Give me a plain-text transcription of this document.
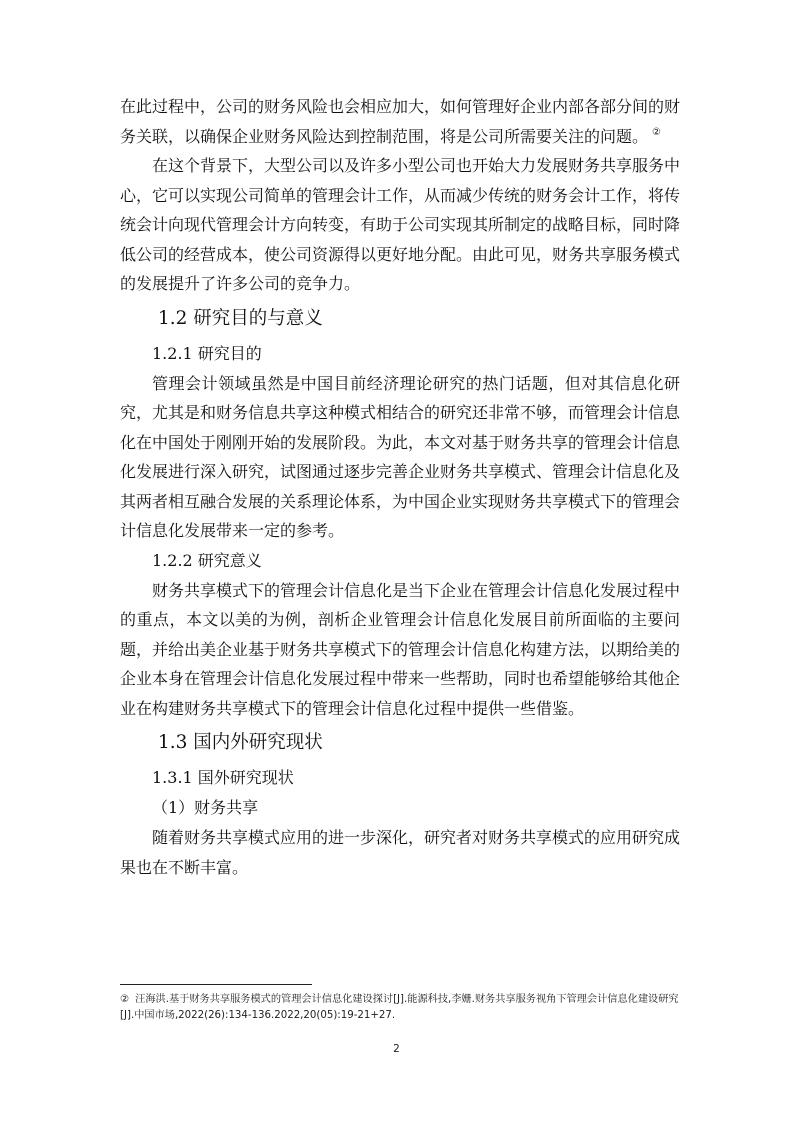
在此过程中，公司的财务风险也会相应加大，如何管理好企业内部各部分间的财务关联，以确保企业财务风险达到控制范围，将是公司所需要关注的问题。 ②

在这个背景下，大型公司以及许多小型公司也开始大力发展财务共享服务中心，它可以实现公司简单的管理会计工作，从而减少传统的财务会计工作，将传统会计向现代管理会计方向转变，有助于公司实现其所制定的战略目标，同时降低公司的经营成本，使公司资源得以更好地分配。由此可见，财务共享服务模式的发展提升了许多公司的竞争力。

1.2 研究目的与意义
1.2.1 研究目的

管理会计领域虽然是中国目前经济理论研究的热门话题，但对其信息化研究，尤其是和财务信息共享这种模式相结合的研究还非常不够，而管理会计信息化在中国处于刚刚开始的发展阶段。为此，本文对基于财务共享的管理会计信息化发展进行深入研究，试图通过逐步完善企业财务共享模式、管理会计信息化及其两者相互融合发展的关系理论体系，为中国企业实现财务共享模式下的管理会计信息化发展带来一定的参考。

1.2.2 研究意义

财务共享模式下的管理会计信息化是当下企业在管理会计信息化发展过程中的重点，本文以美的为例，剖析企业管理会计信息化发展目前所面临的主要问题，并给出美企业基于财务共享模式下的管理会计信息化构建方法，以期给美的企业本身在管理会计信息化发展过程中带来一些帮助，同时也希望能够给其他企业在构建财务共享模式下的管理会计信息化过程中提供一些借鉴。

1.3 国内外研究现状
1.3.1 国外研究现状
（1）财务共享

随着财务共享模式应用的进一步深化，研究者对财务共享模式的应用研究成果也在不断丰富。

② 汪海洪.基于财务共享服务模式的管理会计信息化建设探讨[J].能源科技,李姗.财务共享服务视角下管理会计信息化建设研究[J].中国市场,2022(26):134-136.2022,20(05):19-21+27.
2
